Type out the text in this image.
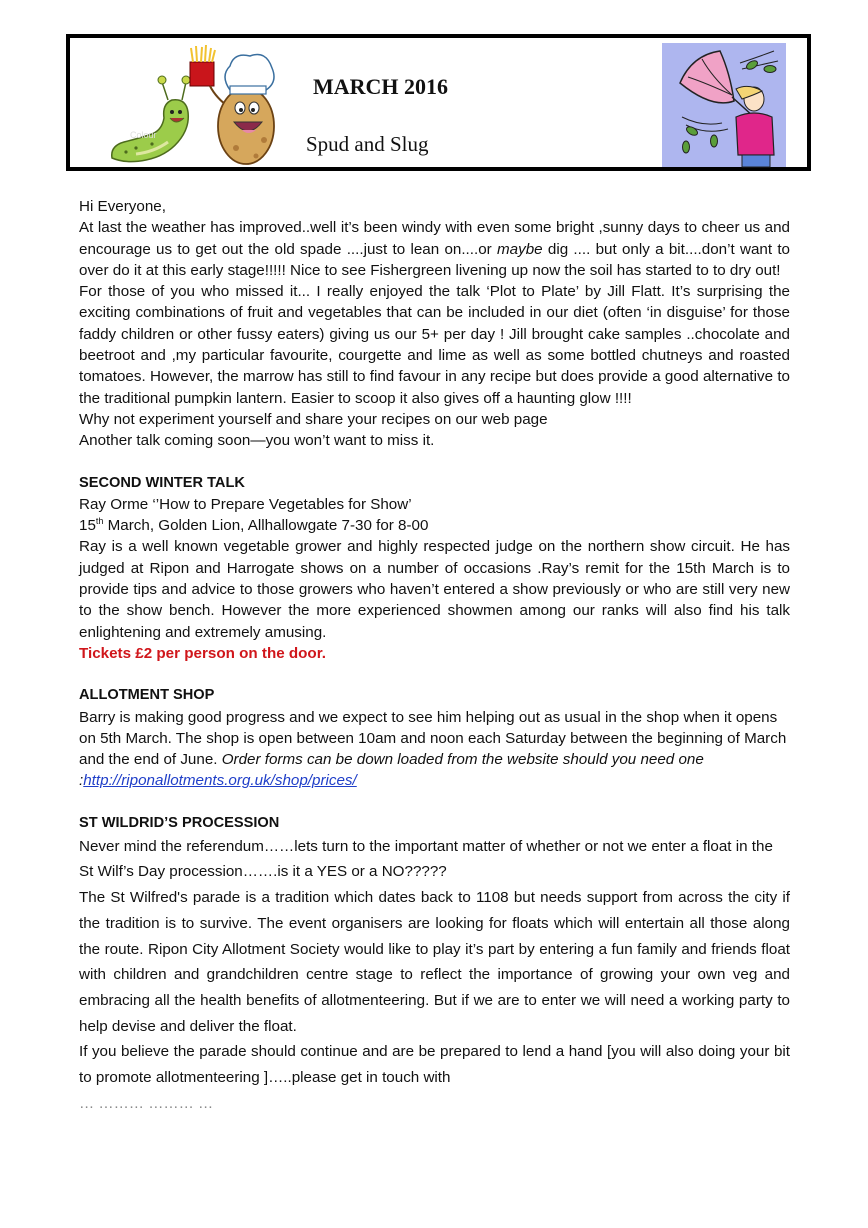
Colour
MARCH 2016
Spud and Slug

Hi Everyone,

At last the weather has improved..well it’s been windy with even some bright ,sunny days to cheer us and encourage us to get out the old spade ....just to lean on....or maybe dig .... but only a bit....don’t want to over do it at this early stage!!!!! Nice to see Fishergreen livening up now the soil has started to to dry out!

For those of you who missed it... I really enjoyed the talk ‘Plot to Plate’ by Jill Flatt. It’s surprising the exciting combinations of fruit and vegetables that can be included in our diet (often ‘in disguise’ for those faddy children or other fussy eaters) giving us our 5+ per day ! Jill brought cake samples ..chocolate and beetroot and ,my particular favourite, courgette and lime as well as some bottled chutneys and roasted tomatoes. However, the marrow has still to find favour in any recipe but does provide a good alternative to the traditional pumpkin lantern. Easier to scoop it also gives off a haunting glow !!!!

Why not experiment yourself and share your recipes on our web page

Another talk coming soon—you won’t want to miss it.

SECOND WINTER TALK

Ray Orme ‘’How to Prepare Vegetables for Show’

15th March, Golden Lion, Allhallowgate 7-30 for 8-00

Ray is a well known vegetable grower and highly respected judge on the northern show circuit. He has judged at Ripon and Harrogate shows on a number of occasions .Ray’s remit for the 15th March is to provide tips and advice to those growers who haven’t entered a show previously or who are still very new to the show bench. However the more experienced showmen among our ranks will also find his talk enlightening and extremely amusing.

Tickets £2 per person on the door.

ALLOTMENT SHOP

Barry is making good progress and we expect to see him helping out as usual in the shop when it opens on 5th March. The shop is open between 10am and noon each Saturday between the beginning of March and the end of June. Order forms can be down loaded from the website should you need one :http://riponallotments.org.uk/shop/prices/

ST WILDRID’S PROCESSION

Never mind the referendum……lets turn to the important matter of whether or not we enter a float in the St Wilf’s Day procession…….is it a YES or a NO?????

The St Wilfred's parade is a tradition which dates back to 1108 but needs support from across the city if the tradition is to survive. The event organisers are looking for floats which will entertain all those along the route. Ripon City Allotment Society would like to play it’s part by entering a fun family and friends float with children and grandchildren centre stage to reflect the importance of growing your own veg and embracing all the health benefits of allotmenteering. But if we are to enter we will need a working party to help devise and deliver the float.

If you believe the parade should continue and are be prepared to lend a hand [you will also doing your bit to promote allotmenteering ]…..please get in touch with

… ……… ……… …
